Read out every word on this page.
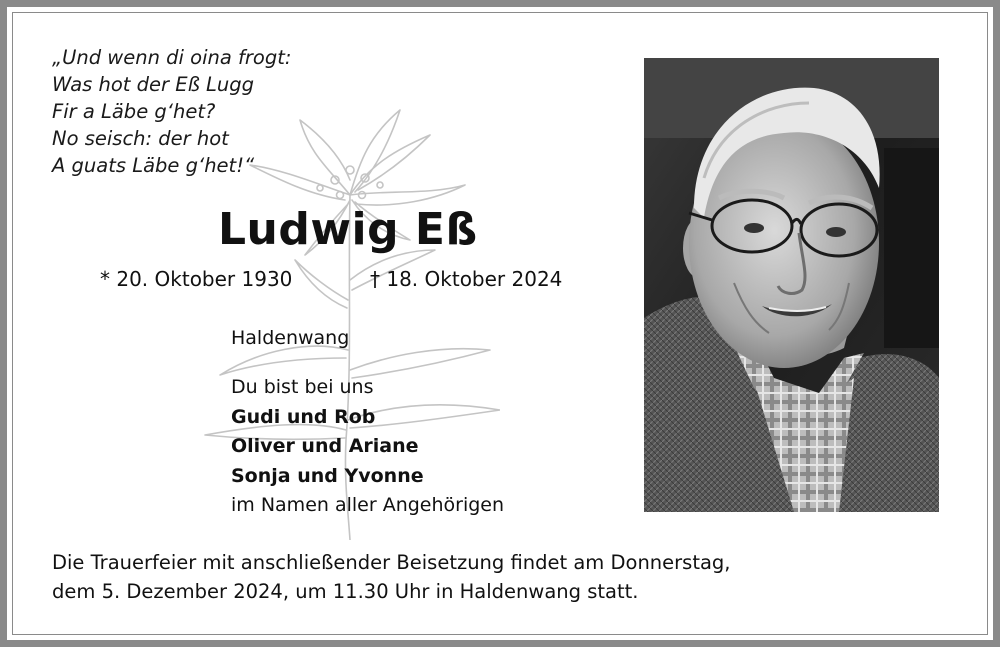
„Und wenn di oina frogt:
Was hot der Eß Lugg
Fir a Läbe g‘het?
No seisch: der hot
A guats Läbe g‘het!“
Ludwig Eß
* 20. Oktober 1930	† 18. Oktober 2024
Haldenwang
Du bist bei uns
Gudi und Rob
Oliver und Ariane
Sonja und Yvonne
im Namen aller Angehörigen
Die Trauerfeier mit anschließender Beisetzung findet am Donnerstag,
dem 5. Dezember 2024, um 11.30 Uhr in Haldenwang statt.
